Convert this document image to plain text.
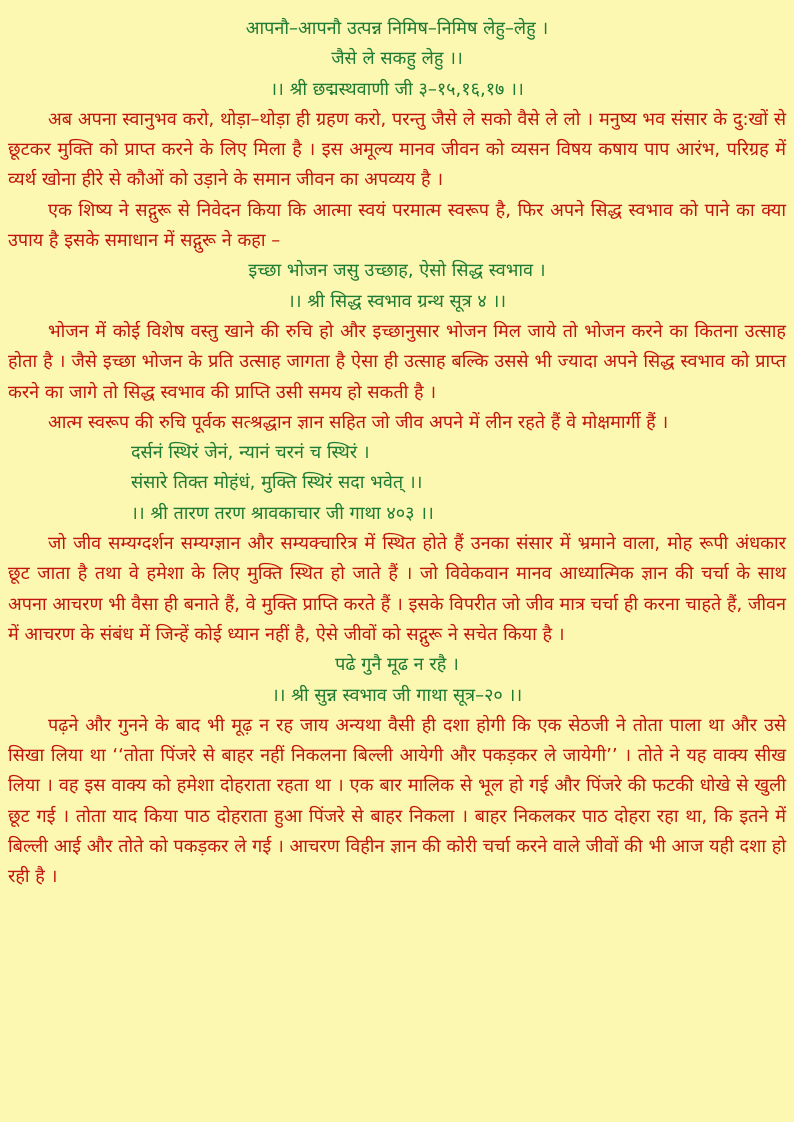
आपनौ–आपनौ उत्पन्न निमिष–निमिष लेहु–लेहु ।
जैसे ले सकहु लेहु ।।
।। श्री छद्मस्थवाणी जी ३–१५,१६,१७ ।।

अब अपना स्वानुभव करो, थोड़ा–थोड़ा ही ग्रहण करो, परन्तु जैसे ले सको वैसे ले लो । मनुष्य भव संसार के दु:खों से छूटकर मुक्ति को प्राप्त करने के लिए मिला है । इस अमूल्य मानव जीवन को व्यसन विषय कषाय पाप आरंभ, परिग्रह में व्यर्थ खोना हीरे से कौओं को उड़ाने के समान जीवन का अपव्यय है ।

एक शिष्य ने सद्गुरू से निवेदन किया कि आत्मा स्वयं परमात्म स्वरूप है, फिर अपने सिद्ध स्वभाव को पाने का क्या उपाय है इसके समाधान में सद्गुरू ने कहा –

इच्छा भोजन जसु उच्छाह, ऐसो सिद्ध स्वभाव ।
।। श्री सिद्ध स्वभाव ग्रन्थ सूत्र ४ ।।

भोजन में कोई विशेष वस्तु खाने की रुचि हो और इच्छानुसार भोजन मिल जाये तो भोजन करने का कितना उत्साह होता है । जैसे इच्छा भोजन के प्रति उत्साह जागता है ऐसा ही उत्साह बल्कि उससे भी ज्यादा अपने सिद्ध स्वभाव को प्राप्त करने का जागे तो सिद्ध स्वभाव की प्राप्ति उसी समय हो सकती है ।

आत्म स्वरूप की रुचि पूर्वक सत्श्रद्धान ज्ञान सहित जो जीव अपने में लीन रहते हैं वे मोक्षमार्गी हैं ।

दर्सनं स्थिरं जेनं, न्यानं चरनं च स्थिरं ।
संसारे तिक्त मोहंधं, मुक्ति स्थिरं सदा भवेत् ।।
।। श्री तारण तरण श्रावकाचार जी गाथा ४०३ ।।

जो जीव सम्यग्दर्शन सम्यग्ज्ञान और सम्यक्चारित्र में स्थित होते हैं उनका संसार में भ्रमाने वाला, मोह रूपी अंधकार छूट जाता है तथा वे हमेशा के लिए मुक्ति स्थित हो जाते हैं । जो विवेकवान मानव आध्यात्मिक ज्ञान की चर्चा के साथ अपना आचरण भी वैसा ही बनाते हैं, वे मुक्ति प्राप्ति करते हैं । इसके विपरीत जो जीव मात्र चर्चा ही करना चाहते हैं, जीवन में आचरण के संबंध में जिन्हें कोई ध्यान नहीं है, ऐसे जीवों को सद्गुरू ने सचेत किया है ।

पढे गुनै मूढ न रहै ।
।। श्री सुन्न स्वभाव जी गाथा सूत्र–२० ।।

पढ़ने और गुनने के बाद भी मूढ़ न रह जाय अन्यथा वैसी ही दशा होगी कि एक सेठजी ने तोता पाला था और उसे सिखा लिया था ‘‘तोता पिंजरे से बाहर नहीं निकलना बिल्ली आयेगी और पकड़कर ले जायेगी’’ । तोते ने यह वाक्य सीख लिया । वह इस वाक्य को हमेशा दोहराता रहता था । एक बार मालिक से भूल हो गई और पिंजरे की फटकी धोखे से खुली छूट गई । तोता याद किया पाठ दोहराता हुआ पिंजरे से बाहर निकला । बाहर निकलकर पाठ दोहरा रहा था, कि इतने में बिल्ली आई और तोते को पकड़कर ले गई । आचरण विहीन ज्ञान की कोरी चर्चा करने वाले जीवों की भी आज यही दशा हो रही है ।
